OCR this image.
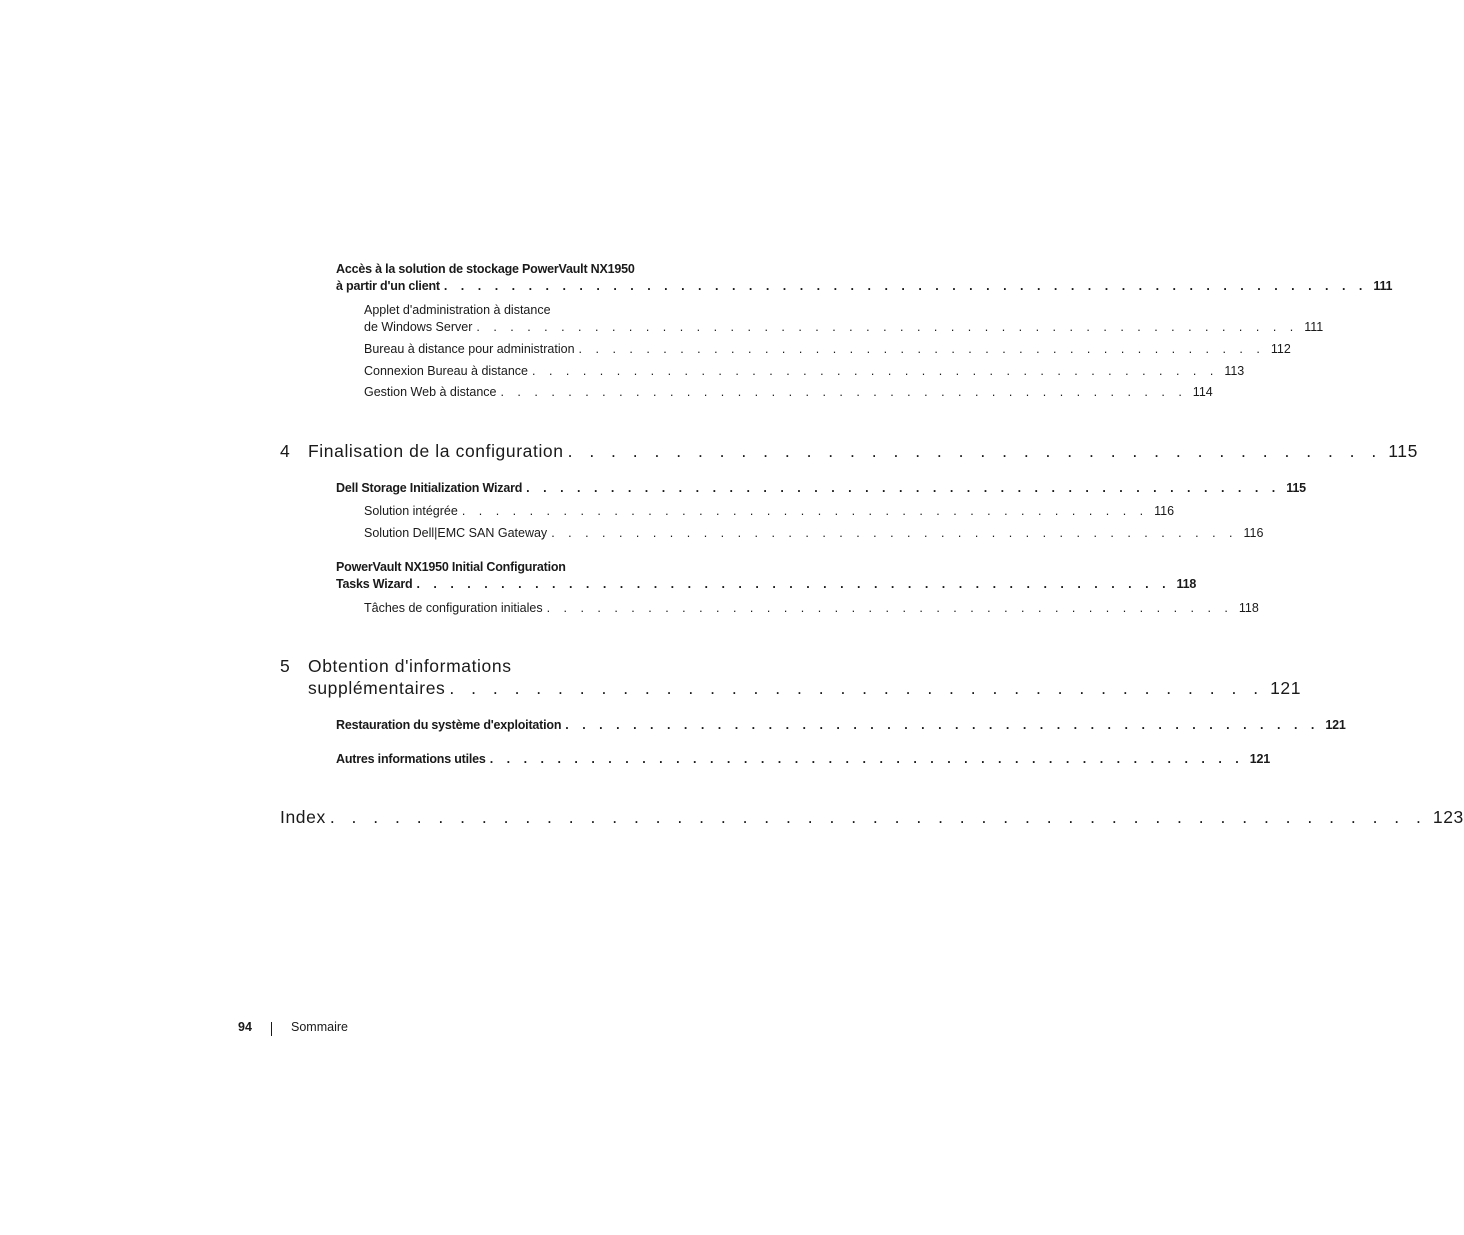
Accès à la solution de stockage PowerVault NX1950
à partir d'un client . . . . . . . . . . . . . . . . . . . . . . . . . . . . . . . . . . . . . . . . . . . . . . . . . . . . . . . 111
Applet d'administration à distance
de Windows Server . . . . . . . . . . . . . . . . . . . . . . . . . . . . . . . . . . . . . . . . . . . . . . . . . 111
Bureau à distance pour administration . . . . . . . . . . . . . . . . . . . . . . . . . . . . . . . . . . . . . . . . . 112
Connexion Bureau à distance . . . . . . . . . . . . . . . . . . . . . . . . . . . . . . . . . . . . . . . . . 113
Gestion Web à distance . . . . . . . . . . . . . . . . . . . . . . . . . . . . . . . . . . . . . . . . . 114
4 Finalisation de la configuration . . . . . . . . . . . . . . . . . . . . . . . . . . . . . . . . . . . . . . 115
Dell Storage Initialization Wizard . . . . . . . . . . . . . . . . . . . . . . . . . . . . . . . . . . . . . . . . . . . . . 115
Solution intégrée . . . . . . . . . . . . . . . . . . . . . . . . . . . . . . . . . . . . . . . . . 116
Solution Dell|EMC SAN Gateway . . . . . . . . . . . . . . . . . . . . . . . . . . . . . . . . . . . . . . . . . 116
PowerVault NX1950 Initial Configuration
Tasks Wizard . . . . . . . . . . . . . . . . . . . . . . . . . . . . . . . . . . . . . . . . . . . . . 118
Tâches de configuration initiales . . . . . . . . . . . . . . . . . . . . . . . . . . . . . . . . . . . . . . . . . 118
5 Obtention d'informations
supplémentaires . . . . . . . . . . . . . . . . . . . . . . . . . . . . . . . . . . . . . . 121
Restauration du système d'exploitation . . . . . . . . . . . . . . . . . . . . . . . . . . . . . . . . . . . . . . . . . . . . . 121
Autres informations utiles . . . . . . . . . . . . . . . . . . . . . . . . . . . . . . . . . . . . . . . . . . . . . 121
Index . . . . . . . . . . . . . . . . . . . . . . . . . . . . . . . . . . . . . . . . . . . . . . . . . . . 123
94	Sommaire
